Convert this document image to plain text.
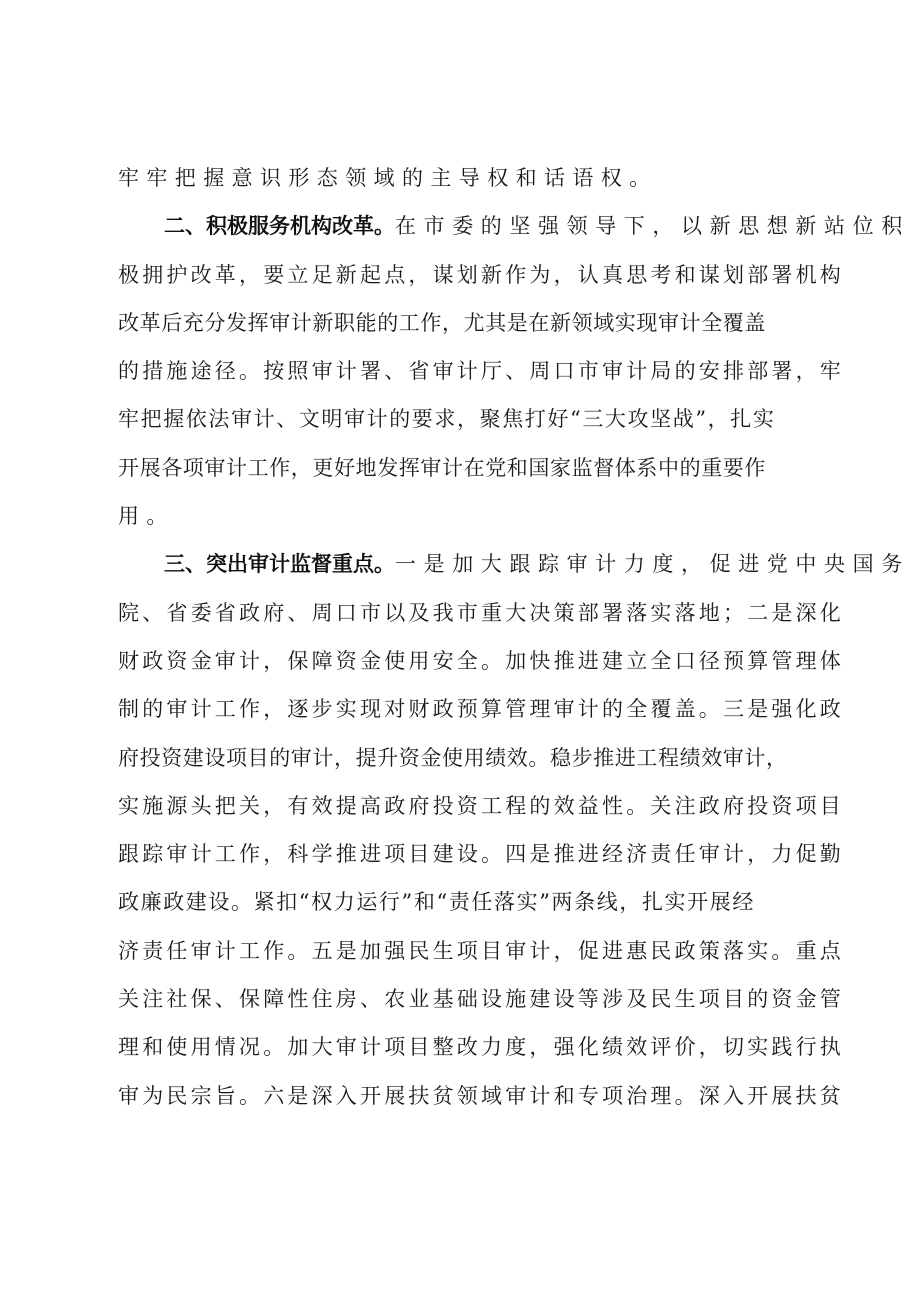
牢牢把握意识形态领域的主导权和话语权。
二、积极服务机构改革。在市委的坚强领导下，以新思想新站位积
极拥护改革，要立足新起点，谋划新作为，认真思考和谋划部署机构
改革后充分发挥审计新职能的工作，尤其是在新领域实现审计全覆盖
的措施途径。按照审计署、省审计厅、周口市审计局的安排部署，牢
牢把握依法审计、文明审计的要求，聚焦打好“三大攻坚战”，扎实
开展各项审计工作，更好地发挥审计在党和国家监督体系中的重要作
用。
三、突出审计监督重点。一是加大跟踪审计力度，促进党中央国务
院、省委省政府、周口市以及我市重大决策部署落实落地；二是深化
财政资金审计，保障资金使用安全。加快推进建立全口径预算管理体
制的审计工作，逐步实现对财政预算管理审计的全覆盖。三是强化政
府投资建设项目的审计，提升资金使用绩效。稳步推进工程绩效审计，
实施源头把关，有效提高政府投资工程的效益性。关注政府投资项目
跟踪审计工作，科学推进项目建设。四是推进经济责任审计，力促勤
政廉政建设。紧扣“权力运行”和“责任落实”两条线，扎实开展经
济责任审计工作。五是加强民生项目审计，促进惠民政策落实。重点
关注社保、保障性住房、农业基础设施建设等涉及民生项目的资金管
理和使用情况。加大审计项目整改力度，强化绩效评价，切实践行执
审为民宗旨。六是深入开展扶贫领域审计和专项治理。深入开展扶贫
